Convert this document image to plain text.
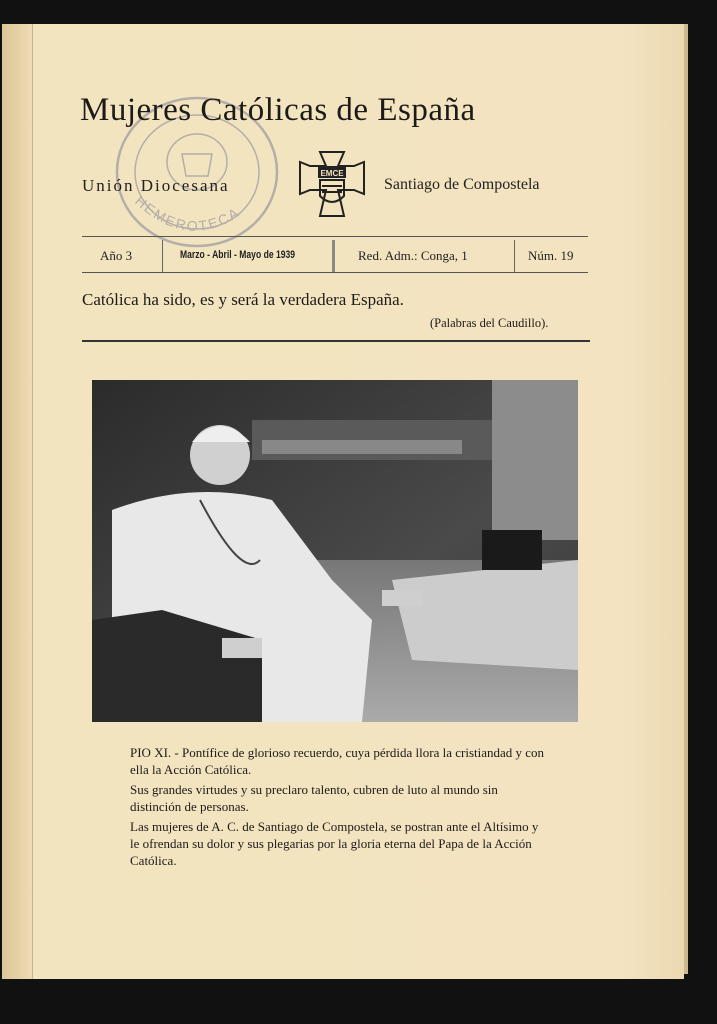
HEMEROTECA
Mujeres Católicas de España
Unión Diocesana	Santiago de Compostela
EMCE
Año 3	Marzo - Abril - Mayo de 1939	Red. Adm.: Conga, 1	Núm. 19
Católica ha sido, es y será la verdadera España.
(Palabras del Caudillo).

PIO XI. - Pontífice de glorioso recuerdo, cuya pérdida llora la cristiandad y con ella la Acción Católica.

Sus grandes virtudes y su preclaro talento, cubren de luto al mundo sin distinción de personas.

Las mujeres de A. C. de Santiago de Compostela, se postran ante el Altísimo y le ofrendan su dolor y sus plegarias por la gloria eterna del Papa de la Acción Católica.
